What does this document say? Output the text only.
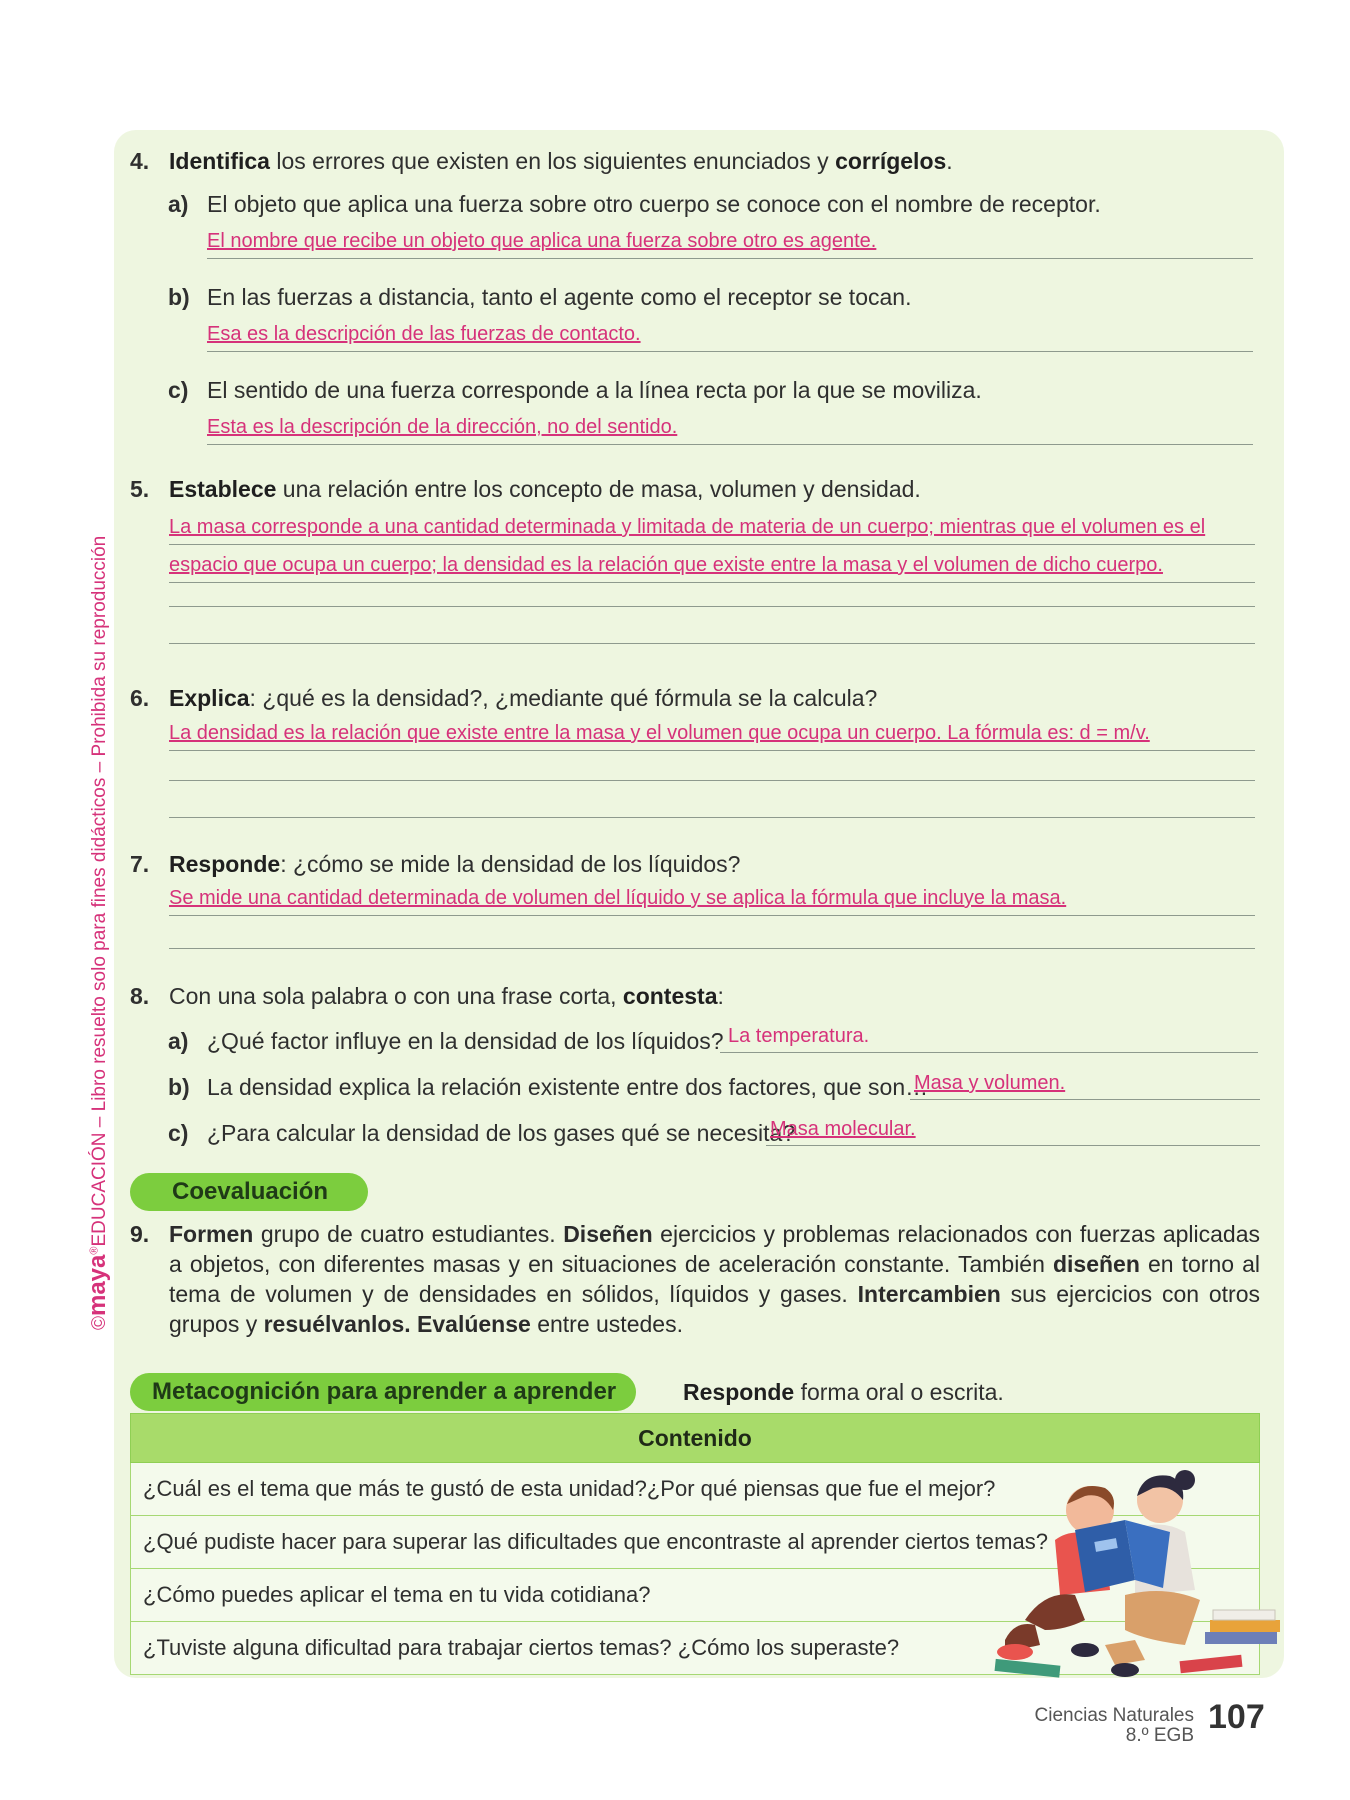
©maya®EDUCACIÓN – Libro resuelto solo para fines didácticos – Prohibida su reproducción
4. Identifica los errores que existen en los siguientes enunciados y corrígelos.
a) El objeto que aplica una fuerza sobre otro cuerpo se conoce con el nombre de receptor.
El nombre que recibe un objeto que aplica una fuerza sobre otro es agente.
b) En las fuerzas a distancia, tanto el agente como el receptor se tocan.
Esa es la descripción de las fuerzas de contacto.
c) El sentido de una fuerza corresponde a la línea recta por la que se moviliza.
Esta es la descripción de la dirección, no del sentido.
5. Establece una relación entre los concepto de masa, volumen y densidad.
La masa corresponde a una cantidad determinada y limitada de materia de un cuerpo; mientras que el volumen es el
espacio que ocupa un cuerpo; la densidad es la relación que existe entre la masa y el volumen de dicho cuerpo.
6. Explica: ¿qué es la densidad?, ¿mediante qué fórmula se la calcula?
La densidad es la relación que existe entre la masa y el volumen que ocupa un cuerpo. La fórmula es: d = m/v.
7. Responde: ¿cómo se mide la densidad de los líquidos?
Se mide una cantidad determinada de volumen del líquido y se aplica la fórmula que incluye la masa.
8. Con una sola palabra o con una frase corta, contesta:
a) ¿Qué factor influye en la densidad de los líquidos? La temperatura.
b) La densidad explica la relación existente entre dos factores, que son…
Masa y volumen.
c) ¿Para calcular la densidad de los gases qué se necesita?
Masa molecular.
Coevaluación
9. Formen grupo de cuatro estudiantes. Diseñen ejercicios y problemas relacionados con fuerzas aplicadas a objetos, con diferentes masas y en situaciones de aceleración constante. También diseñen en torno al tema de volumen y de densidades en sólidos, líquidos y gases. Intercambien sus ejercicios con otros grupos y resuélvanlos. Evalúense entre ustedes.
Metacognición para aprender a aprender	Responde forma oral o escrita.
Contenido
¿Cuál es el tema que más te gustó de esta unidad?¿Por qué piensas que fue el mejor?
¿Qué pudiste hacer para superar las dificultades que encontraste al aprender ciertos temas?
¿Cómo puedes aplicar el tema en tu vida cotidiana?
¿Tuviste alguna dificultad para trabajar ciertos temas? ¿Cómo los superaste?
Ciencias Naturales
8.º EGB 107
